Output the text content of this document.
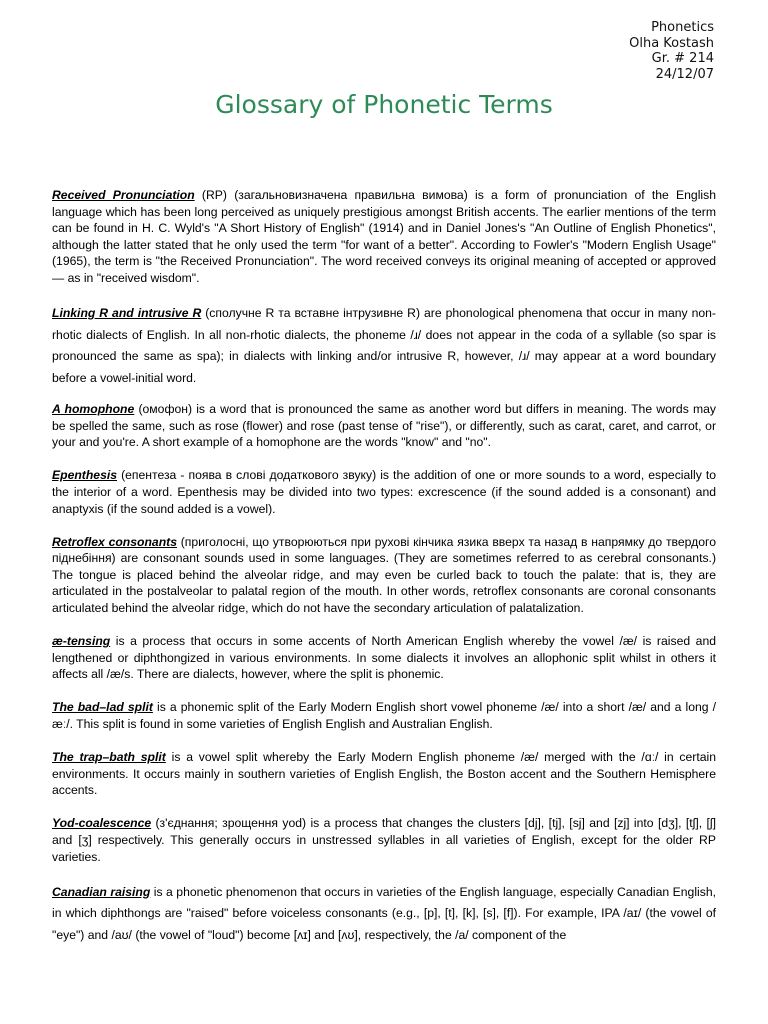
Phonetics
Olha Kostash
Gr. # 214
24/12/07
Glossary of Phonetic Terms

Received Pronunciation (RP) (загальновизначена правильна вимова) is a form of pronunciation of the English language which has been long perceived as uniquely prestigious amongst British accents. The earlier mentions of the term can be found in H. C. Wyld's "A Short History of English" (1914) and in Daniel Jones's "An Outline of English Phonetics", although the latter stated that he only used the term "for want of a better". According to Fowler's "Modern English Usage" (1965), the term is "the Received Pronunciation". The word received conveys its original meaning of accepted or approved — as in "received wisdom".

Linking R and intrusive R (сполучне R та вставне інтрузивне R) are phonological phenomena that occur in many non-rhotic dialects of English. In all non-rhotic dialects, the phoneme /ɹ/ does not appear in the coda of a syllable (so spar is pronounced the same as spa); in dialects with linking and/or intrusive R, however, /ɹ/ may appear at a word boundary before a vowel-initial word.

A homophone (омофон) is a word that is pronounced the same as another word but differs in meaning. The words may be spelled the same, such as rose (flower) and rose (past tense of "rise"), or differently, such as carat, caret, and carrot, or your and you're. A short example of a homophone are the words "know" and "no".

Epenthesis (епентеза - поява в слові додаткового звуку) is the addition of one or more sounds to a word, especially to the interior of a word. Epenthesis may be divided into two types: excrescence (if the sound added is a consonant) and anaptyxis (if the sound added is a vowel).

Retroflex consonants (приголосні, що утворюються при рухові кінчика язика вверх та назад в напрямку до твердого піднебіння) are consonant sounds used in some languages. (They are sometimes referred to as cerebral consonants.) The tongue is placed behind the alveolar ridge, and may even be curled back to touch the palate: that is, they are articulated in the postalveolar to palatal region of the mouth. In other words, retroflex consonants are coronal consonants articulated behind the alveolar ridge, which do not have the secondary articulation of palatalization.

æ-tensing is a process that occurs in some accents of North American English whereby the vowel /æ/ is raised and lengthened or diphthongized in various environments. In some dialects it involves an allophonic split whilst in others it affects all /æ/s. There are dialects, however, where the split is phonemic.

The bad–lad split is a phonemic split of the Early Modern English short vowel phoneme /æ/ into a short /æ/ and a long /æː/. This split is found in some varieties of English English and Australian English.

The trap–bath split is a vowel split whereby the Early Modern English phoneme /æ/ merged with the /ɑː/ in certain environments. It occurs mainly in southern varieties of English English, the Boston accent and the Southern Hemisphere accents.

Yod-coalescence (з'єднання; зрощення yod) is a process that changes the clusters [dj], [tj], [sj] and [zj] into [dʒ], [tʃ], [ʃ] and [ʒ] respectively. This generally occurs in unstressed syllables in all varieties of English, except for the older RP varieties.

Canadian raising is a phonetic phenomenon that occurs in varieties of the English language, especially Canadian English, in which diphthongs are "raised" before voiceless consonants (e.g., [p], [t], [k], [s], [f]). For example, IPA /aɪ/ (the vowel of "eye") and /aʊ/ (the vowel of "loud") become [ʌɪ] and [ʌʊ], respectively, the /a/ component of the
